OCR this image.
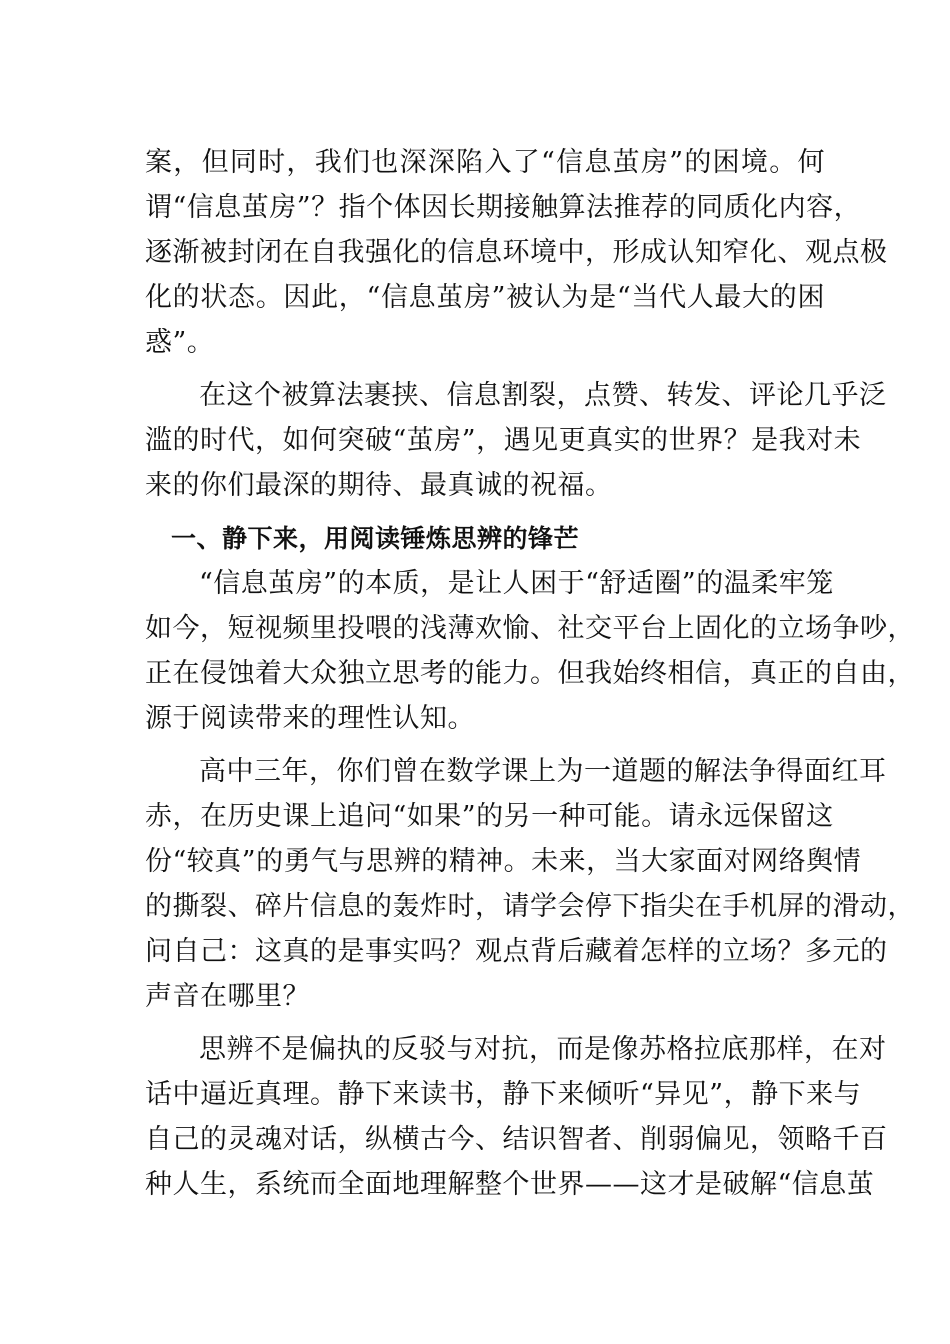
案，但同时，我们也深深陷入了“信息茧房”的困境。何
谓“信息茧房”？指个体因长期接触算法推荐的同质化内容，
逐渐被封闭在自我强化的信息环境中，形成认知窄化、观点极
化的状态。因此，“信息茧房”被认为是“当代人最大的困
惑”。
在这个被算法裹挟、信息割裂，点赞、转发、评论几乎泛
滥的时代，如何突破“茧房”，遇见更真实的世界？是我对未
来的你们最深的期待、最真诚的祝福。
一、静下来，用阅读锤炼思辨的锋芒
“信息茧房”的本质，是让人困于“舒适圈”的温柔牢笼
如今，短视频里投喂的浅薄欢愉、社交平台上固化的立场争吵，
正在侵蚀着大众独立思考的能力。但我始终相信，真正的自由，
源于阅读带来的理性认知。
高中三年，你们曾在数学课上为一道题的解法争得面红耳
赤，在历史课上追问“如果”的另一种可能。请永远保留这
份“较真”的勇气与思辨的精神。未来，当大家面对网络舆情
的撕裂、碎片信息的轰炸时，请学会停下指尖在手机屏的滑动，
问自己：这真的是事实吗？观点背后藏着怎样的立场？多元的
声音在哪里？
思辨不是偏执的反驳与对抗，而是像苏格拉底那样，在对
话中逼近真理。静下来读书，静下来倾听“异见”，静下来与
自己的灵魂对话，纵横古今、结识智者、削弱偏见，领略千百
种人生，系统而全面地理解整个世界——这才是破解“信息茧
